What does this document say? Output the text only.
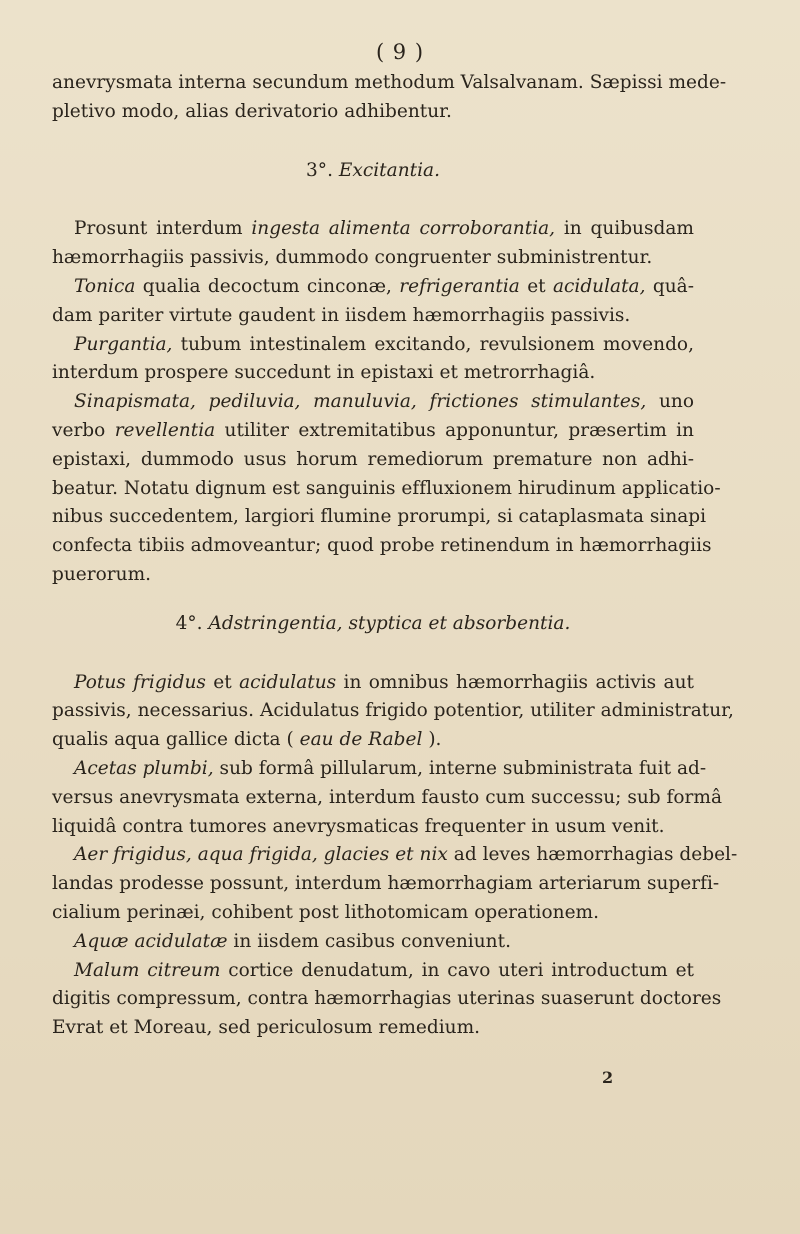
( 9 )
anevrysmata interna secundum methodum Valsalvanam. Sæpissi mede-
pletivo modo, alias derivatorio adhibentur.
3°. Excitantia.
Prosunt interdum ingesta alimenta corroborantia, in quibusdam
hæmorrhagiis passivis, dummodo congruenter subministrentur.
Tonica qualia decoctum cinconæ, refrigerantia et acidulata, quâ-
dam pariter virtute gaudent in iisdem hæmorrhagiis passivis.
Purgantia, tubum intestinalem excitando, revulsionem movendo,
interdum prospere succedunt in epistaxi et metrorrhagiâ.
Sinapismata, pediluvia, manuluvia, frictiones stimulantes, uno
verbo revellentia utiliter extremitatibus apponuntur, præsertim in
epistaxi, dummodo usus horum remediorum premature non adhi-
beatur. Notatu dignum est sanguinis effluxionem hirudinum applicatio-
nibus succedentem, largiori flumine prorumpi, si cataplasmata sinapi
confecta tibiis admoveantur; quod probe retinendum in hæmorrhagiis
puerorum.
4°. Adstringentia, styptica et absorbentia.
Potus frigidus et acidulatus in omnibus hæmorrhagiis activis aut
passivis, necessarius. Acidulatus frigido potentior, utiliter administratur,
qualis aqua gallice dicta ( eau de Rabel ).
Acetas plumbi, sub formâ pillularum, interne subministrata fuit ad-
versus anevrysmata externa, interdum fausto cum successu; sub formâ
liquidâ contra tumores anevrysmaticas frequenter in usum venit.
Aer frigidus, aqua frigida, glacies et nix ad leves hæmorrhagias debel-
landas prodesse possunt, interdum hæmorrhagiam arteriarum superfi-
cialium perinæi, cohibent post lithotomicam operationem.
Aquæ acidulatæ in iisdem casibus conveniunt.
Malum citreum cortice denudatum, in cavo uteri introductum et
digitis compressum, contra hæmorrhagias uterinas suaserunt doctores
Evrat et Moreau, sed periculosum remedium.
2
